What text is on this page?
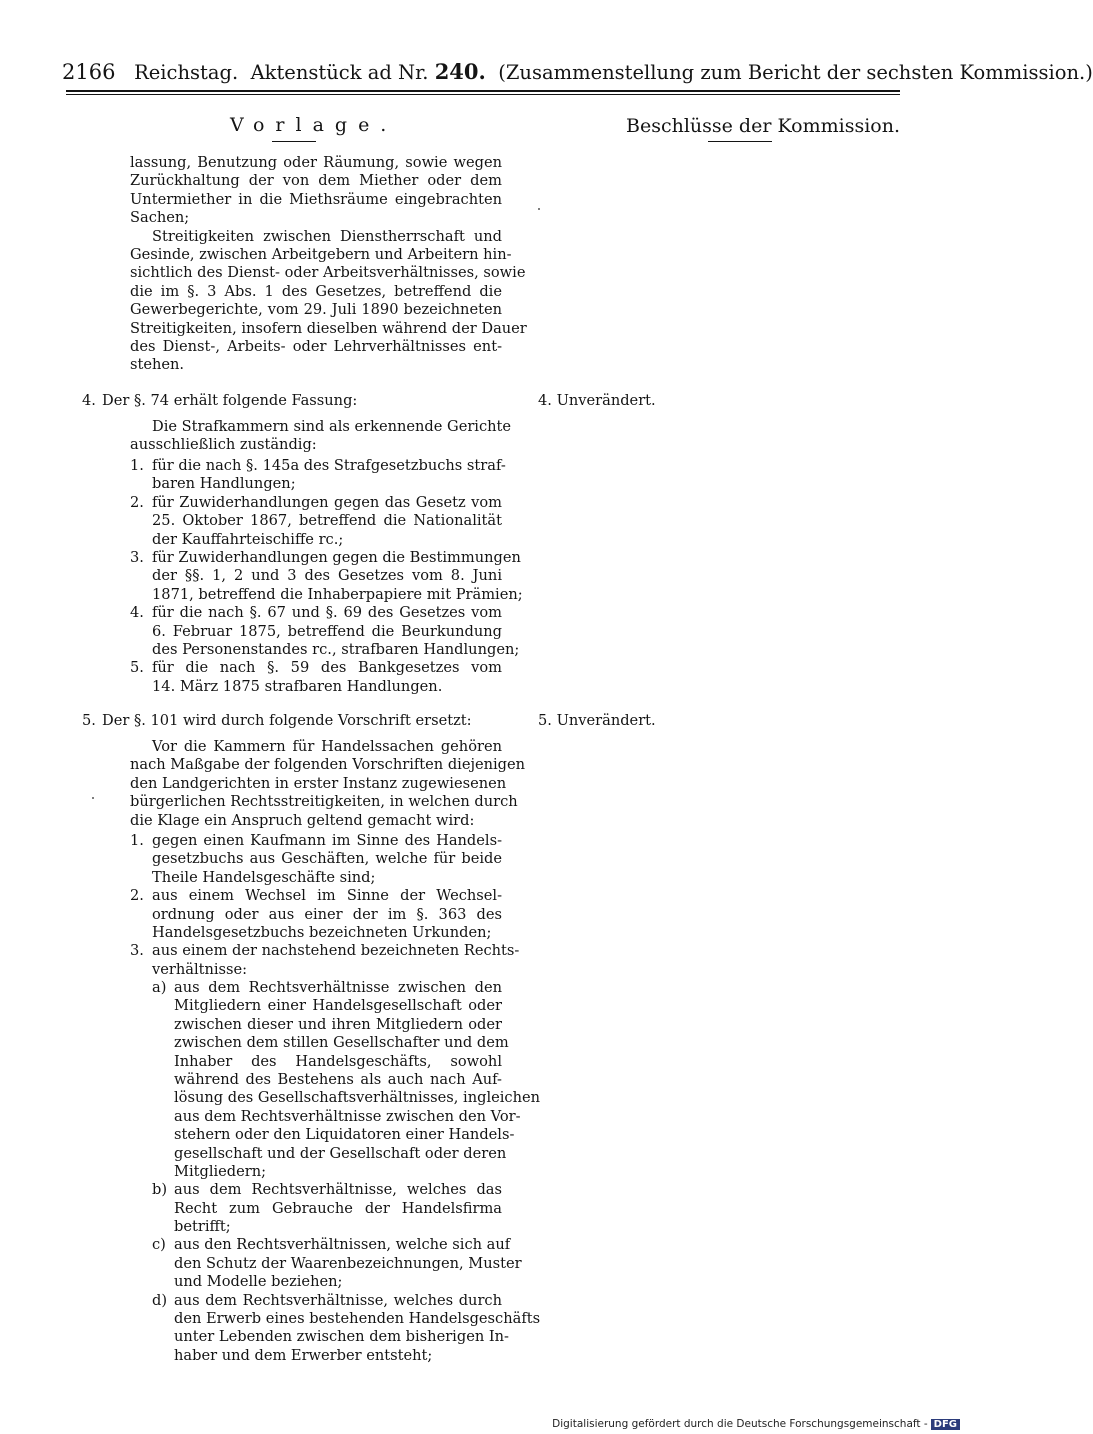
2166 Reichstag. Aktenstück ad Nr. 240. (Zusammenstellung zum Bericht der sechsten Kommission.)
Vorlage.	Beschlüsse der Kommission.
lassung, Benutzung oder Räumung, sowie wegen
Zurückhaltung der von dem Miether oder dem
Untermiether in die Miethsräume eingebrachten
Sachen;
Streitigkeiten zwischen Dienstherrschaft und
Gesinde, zwischen Arbeitgebern und Arbeitern hin-
sichtlich des Dienst- oder Arbeitsverhältnisses, sowie
die im §. 3 Abs. 1 des Gesetzes, betreffend die
Gewerbegerichte, vom 29. Juli 1890 bezeichneten
Streitigkeiten, insofern dieselben während der Dauer
des Dienst-, Arbeits- oder Lehrverhältnisses ent-
stehen.
4. Der §. 74 erhält folgende Fassung:	4. Unverändert.
Die Strafkammern sind als erkennende Gerichte
ausschließlich zuständig:
1. für die nach §. 145a des Strafgesetzbuchs straf-
baren Handlungen;
2. für Zuwiderhandlungen gegen das Gesetz vom
25. Oktober 1867, betreffend die Nationalität
der Kauffahrteischiffe rc.;
3. für Zuwiderhandlungen gegen die Bestimmungen
der §§. 1, 2 und 3 des Gesetzes vom 8. Juni
1871, betreffend die Inhaberpapiere mit Prämien;
4. für die nach §. 67 und §. 69 des Gesetzes vom
6. Februar 1875, betreffend die Beurkundung
des Personenstandes rc., strafbaren Handlungen;
5. für die nach §. 59 des Bankgesetzes vom
14. März 1875 strafbaren Handlungen.
5. Der §. 101 wird durch folgende Vorschrift ersetzt:	5. Unverändert.
Vor die Kammern für Handelssachen gehören
nach Maßgabe der folgenden Vorschriften diejenigen
den Landgerichten in erster Instanz zugewiesenen
bürgerlichen Rechtsstreitigkeiten, in welchen durch
die Klage ein Anspruch geltend gemacht wird:
1. gegen einen Kaufmann im Sinne des Handels-
gesetzbuchs aus Geschäften, welche für beide
Theile Handelsgeschäfte sind;
2. aus einem Wechsel im Sinne der Wechsel-
ordnung oder aus einer der im §. 363 des
Handelsgesetzbuchs bezeichneten Urkunden;
3. aus einem der nachstehend bezeichneten Rechts-
verhältnisse:
a) aus dem Rechtsverhältnisse zwischen den
Mitgliedern einer Handelsgesellschaft oder
zwischen dieser und ihren Mitgliedern oder
zwischen dem stillen Gesellschafter und dem
Inhaber des Handelsgeschäfts, sowohl
während des Bestehens als auch nach Auf-
lösung des Gesellschaftsverhältnisses, ingleichen
aus dem Rechtsverhältnisse zwischen den Vor-
stehern oder den Liquidatoren einer Handels-
gesellschaft und der Gesellschaft oder deren
Mitgliedern;
b) aus dem Rechtsverhältnisse, welches das
Recht zum Gebrauche der Handelsfirma
betrifft;
c) aus den Rechtsverhältnissen, welche sich auf
den Schutz der Waarenbezeichnungen, Muster
und Modelle beziehen;
d) aus dem Rechtsverhältnisse, welches durch
den Erwerb eines bestehenden Handelsgeschäfts
unter Lebenden zwischen dem bisherigen In-
haber und dem Erwerber entsteht;
Digitalisierung gefördert durch die Deutsche Forschungsgemeinschaft - DFG
